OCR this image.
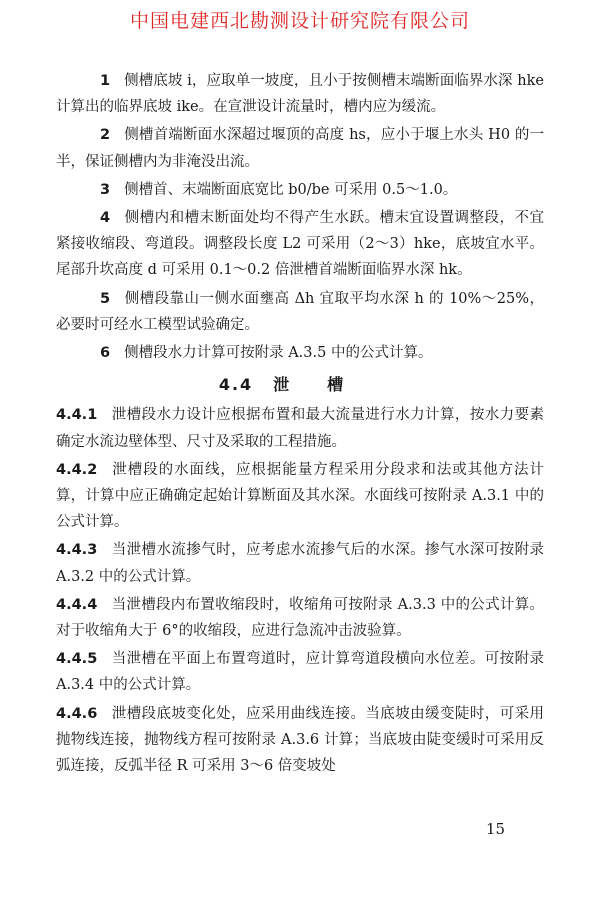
中国电建西北勘测设计研究院有限公司

1 侧槽底坡 i，应取单一坡度，且小于按侧槽末端断面临界水深 hke计算出的临界底坡 ike。在宣泄设计流量时，槽内应为缓流。

2 侧槽首端断面水深超过堰顶的高度 hs，应小于堰上水头 H0 的一半，保证侧槽内为非淹没出流。

3 侧槽首、末端断面底宽比 b0/be 可采用 0.5～1.0。

4 侧槽内和槽末断面处均不得产生水跃。槽末宜设置调整段，不宜紧接收缩段、弯道段。调整段长度 L2 可采用（2～3）hke，底坡宜水平。尾部升坎高度 d 可采用 0.1～0.2 倍泄槽首端断面临界水深 hk。

5 侧槽段靠山一侧水面壅高 Δh 宜取平均水深 h 的 10%～25%，必要时可经水工模型试验确定。

6 侧槽段水力计算可按附录 A.3.5 中的公式计算。

4.4 泄槽

4.4.1 泄槽段水力设计应根据布置和最大流量进行水力计算，按水力要素确定水流边壁体型、尺寸及采取的工程措施。

4.4.2 泄槽段的水面线，应根据能量方程采用分段求和法或其他方法计算，计算中应正确确定起始计算断面及其水深。水面线可按附录 A.3.1 中的公式计算。

4.4.3 当泄槽水流掺气时，应考虑水流掺气后的水深。掺气水深可按附录 A.3.2 中的公式计算。

4.4.4 当泄槽段内布置收缩段时，收缩角可按附录 A.3.3 中的公式计算。对于收缩角大于 6°的收缩段，应进行急流冲击波验算。

4.4.5 当泄槽在平面上布置弯道时，应计算弯道段横向水位差。可按附录 A.3.4 中的公式计算。

4.4.6 泄槽段底坡变化处，应采用曲线连接。当底坡由缓变陡时，可采用抛物线连接，抛物线方程可按附录 A.3.6 计算；当底坡由陡变缓时可采用反弧连接，反弧半径 R 可采用 3～6 倍变坡处

15
